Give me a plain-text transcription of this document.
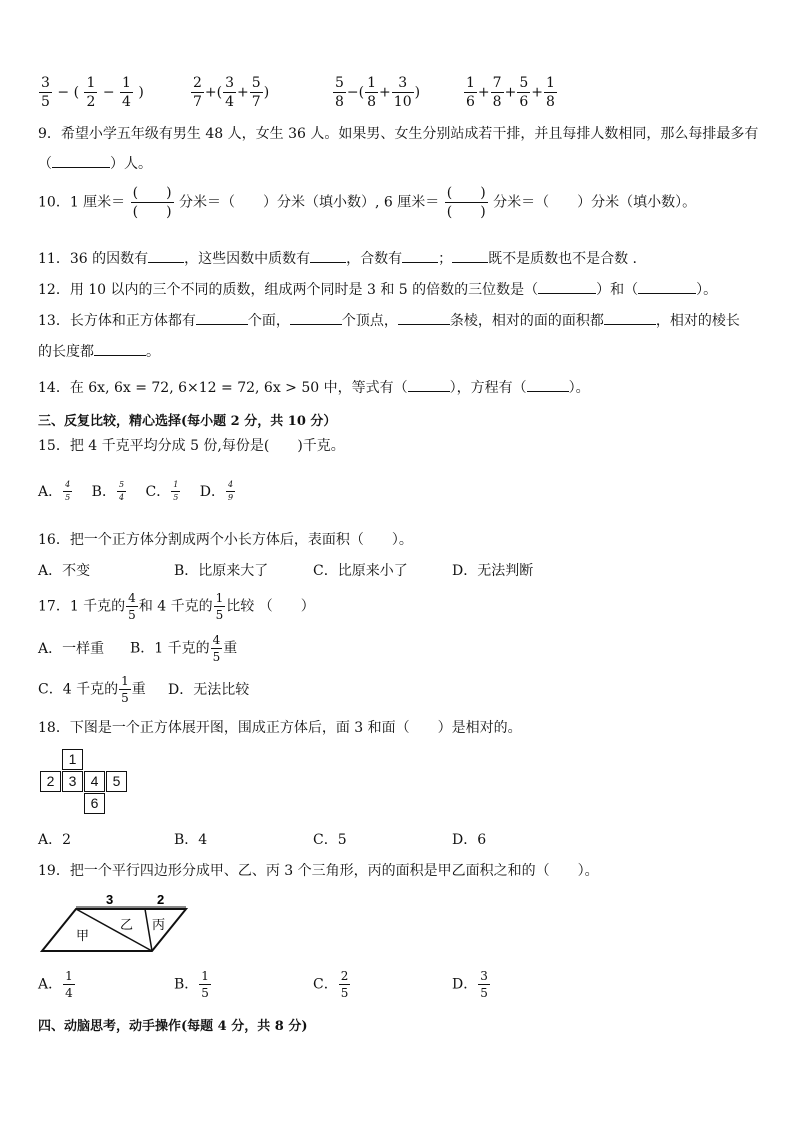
$\frac{3}{5}$ − ( $\frac{1}{2} - \frac{1}{4}$ )	$\frac{2}{7}$ +( $\frac{3}{4} + \frac{5}{7}$ )	$\frac{5}{8}$ −( $\frac{1}{8} + \frac{3}{10}$ )	$\frac{1}{6} + \frac{7}{8} + \frac{5}{6} + \frac{1}{8}$
9．希望小学五年级有男生 48 人，女生 36 人。如果男、女生分别站成若干排，并且每排人数相同，那么每排最多有
（	）人。
10．1 厘米＝ $\frac{( )}{( )}$ 分米＝（　　）分米（填小数）, 6 厘米＝ $\frac{( )}{( )}$ 分米＝（　　）分米（填小数）。
11．36 的因数有	，这些因数中质数有	，合数有	；	既不是质数也不是合数 .
12．用 10 以内的三个不同的质数，组成两个同时是 3 和 5 的倍数的三位数是（	）和（	）。
13．长方体和正方体都有	个面，	个顶点，	条棱，相对的面的面积都	，相对的棱长
的长度都	。
14．在 6x, 6x = 72, 6×12 = 72, 6x > 50 中，等式有（	），方程有（	）。
三、反复比较，精心选择(每小题 2 分，共 10 分）
15．把 4 千克平均分成 5 份,每份是(　　)千克。
A． $\frac{4}{5}$ B． $\frac{5}{4}$ C． $\frac{1}{5}$ D． $\frac{4}{9}$
16．把一个正方体分割成两个小长方体后，表面积（　　）。
A．不变	B．比原来大了	C．比原来小了	D．无法判断
17．1 千克的 $\frac{4}{5}$ 和 4 千克的 $\frac{1}{5}$ 比较 （　　）
A．一样重 B．1 千克的 $\frac{4}{5}$ 重
C．4 千克的 $\frac{1}{5}$ 重 D．无法比较
18．下图是一个正方体展开图，围成正方体后，面 3 和面（　　）是相对的。
1
2	3	4	5
6
A．2	B．4	C．5	D．6
19．把一个平行四边形分成甲、乙、丙 3 个三角形，丙的面积是甲乙面积之和的（　　）。
3	2
甲
乙 丙
A． $\frac{1}{4}$	B． $\frac{1}{5}$	C． $\frac{2}{5}$	D． $\frac{3}{5}$
四、动脑思考，动手操作(每题 4 分，共 8 分)
